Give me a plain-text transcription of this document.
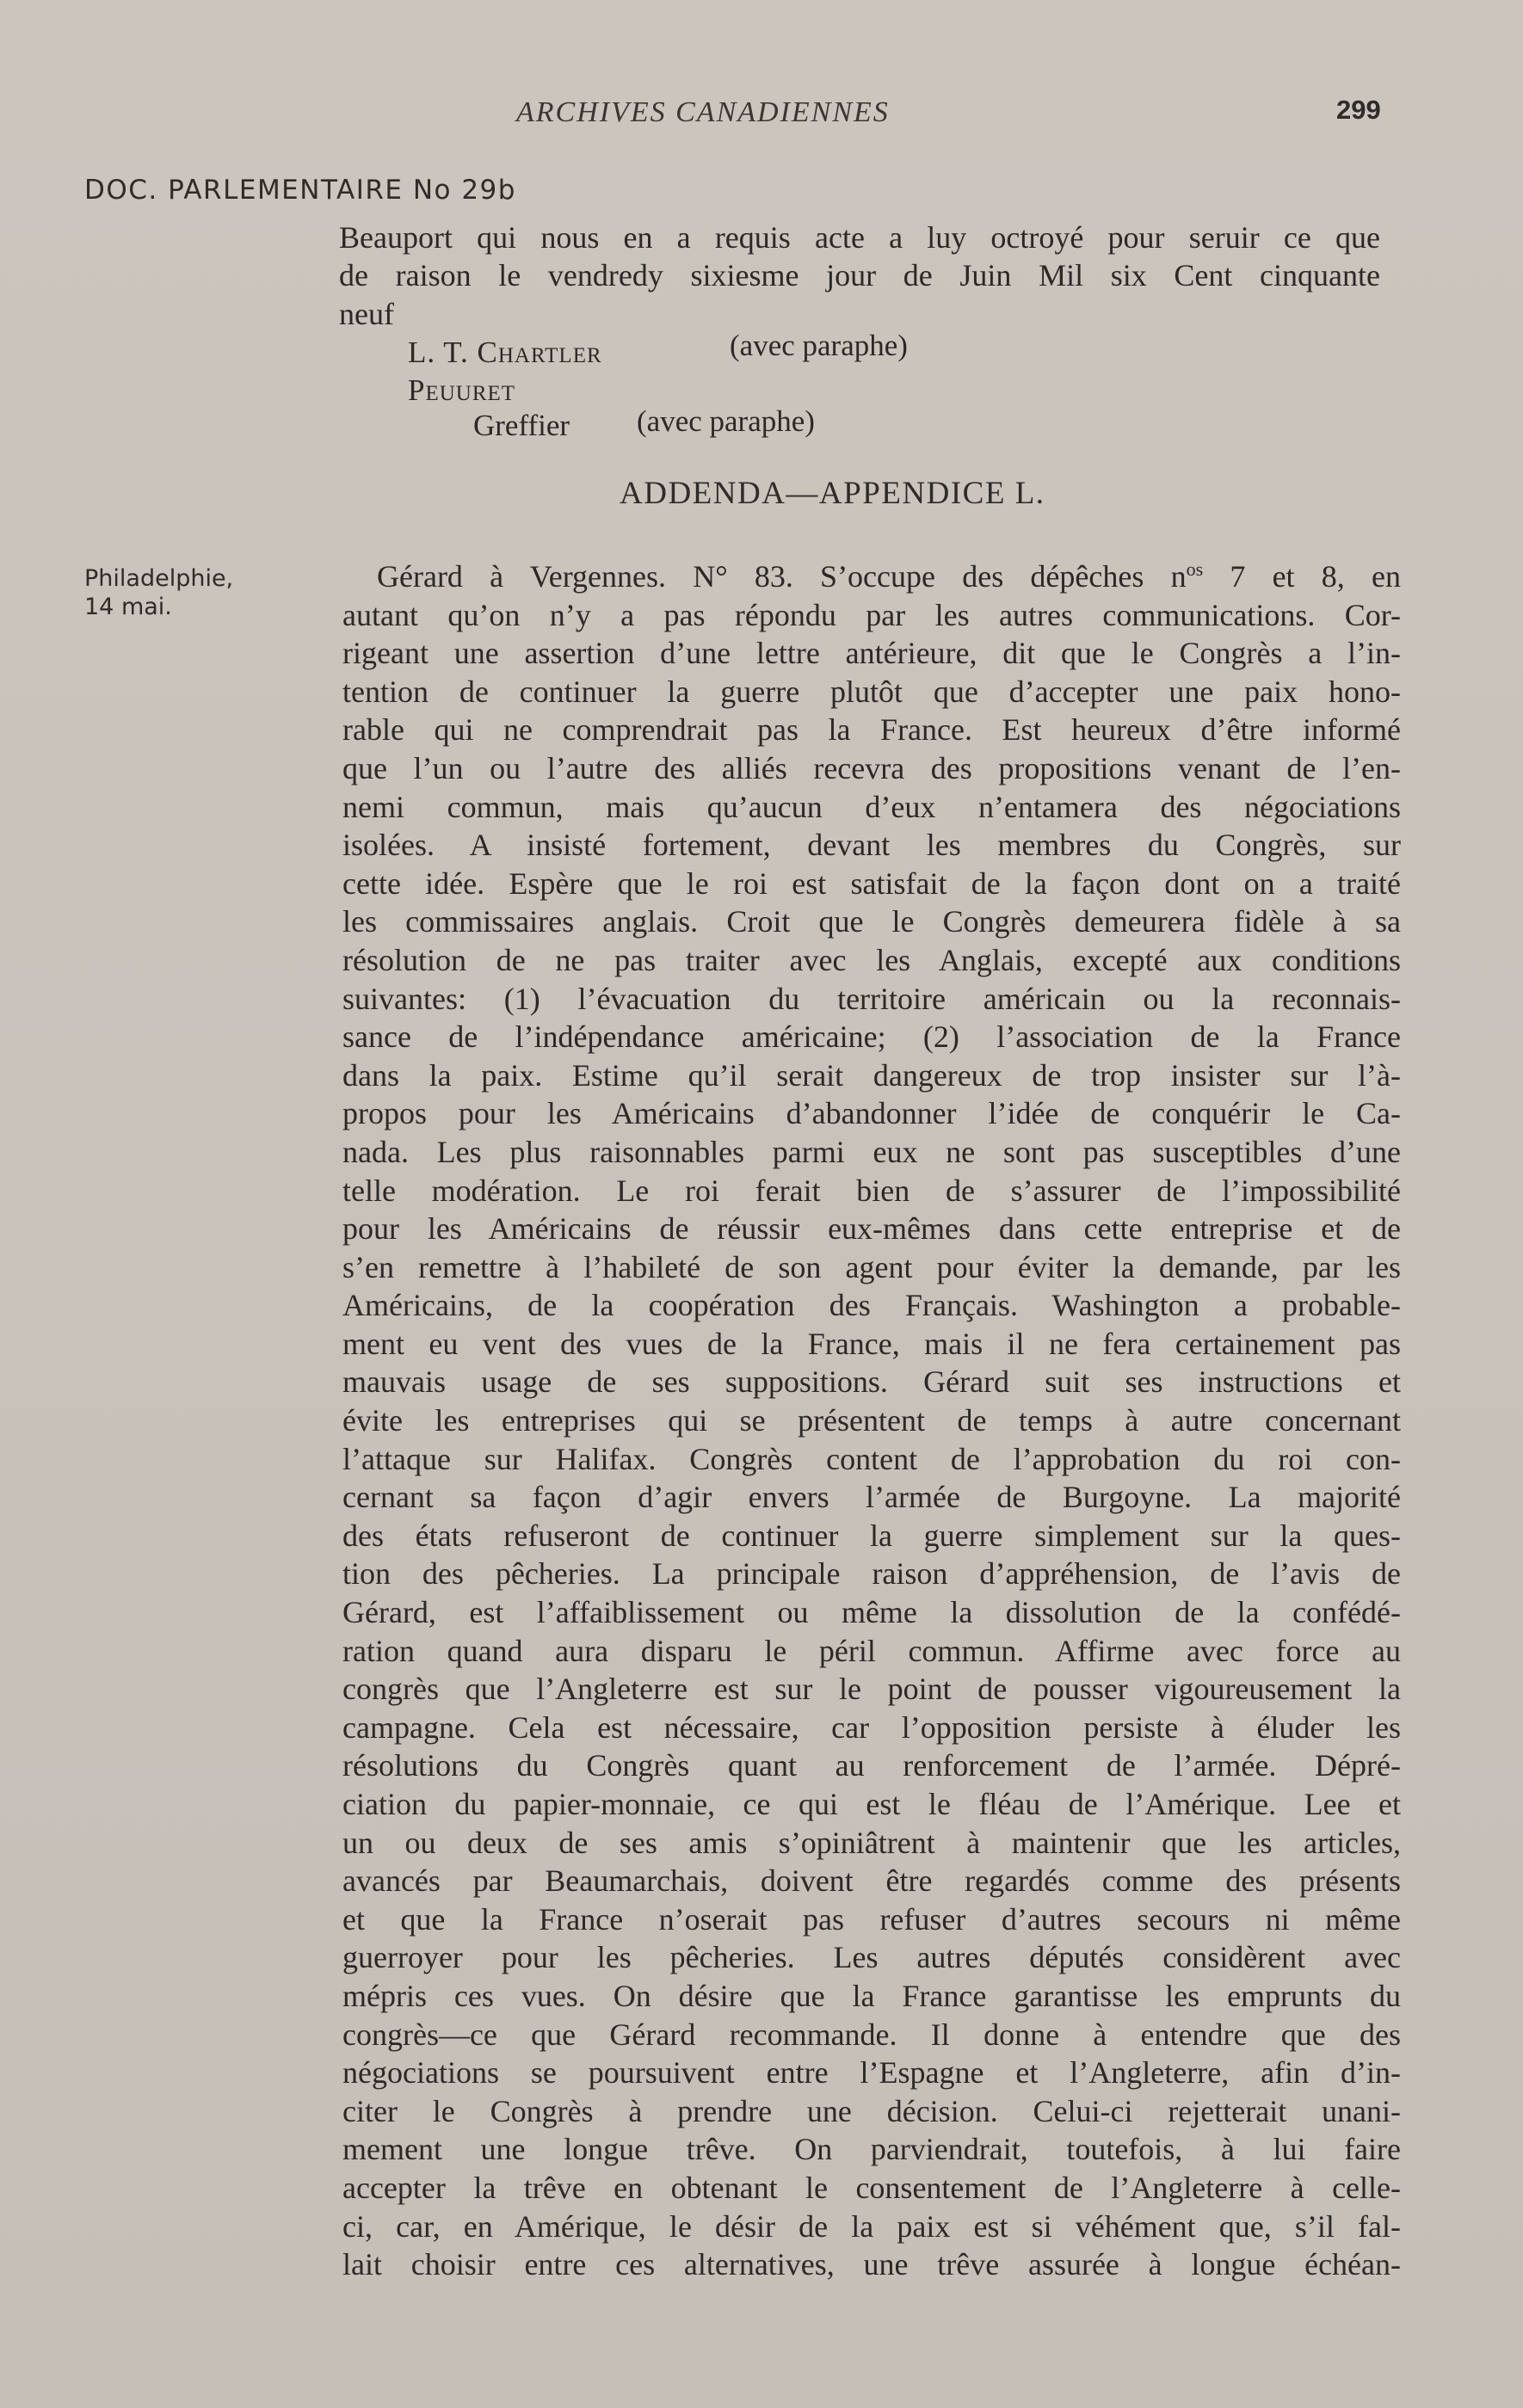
ARCHIVES CANADIENNES	299
DOC. PARLEMENTAIRE No 29b
Beauport qui nous en a requis acte a luy octroyé pour seruir ce que
de raison le vendredy sixiesme jour de Juin Mil six Cent cinquante
neuf
L. T. Chartler	(avec paraphe)
Peuuret
Greffier (avec paraphe)
ADDENDA—APPENDICE L.
Philadelphie,
14 mai.
Gérard à Vergennes. N° 83. S’occupe des dépêches $n^{os}$ 7 et 8, en
autant qu’on n’y a pas répondu par les autres communications. Cor-
rigeant une assertion d’une lettre antérieure, dit que le Congrès a l’in-
tention de continuer la guerre plutôt que d’accepter une paix hono-
rable qui ne comprendrait pas la France. Est heureux d’être informé
que l’un ou l’autre des alliés recevra des propositions venant de l’en-
nemi commun, mais qu’aucun d’eux n’entamera des négociations
isolées. A insisté fortement, devant les membres du Congrès, sur
cette idée. Espère que le roi est satisfait de la façon dont on a traité
les commissaires anglais. Croit que le Congrès demeurera fidèle à sa
résolution de ne pas traiter avec les Anglais, excepté aux conditions
suivantes: (1) l’évacuation du territoire américain ou la reconnais-
sance de l’indépendance américaine; (2) l’association de la France
dans la paix. Estime qu’il serait dangereux de trop insister sur l’à-
propos pour les Américains d’abandonner l’idée de conquérir le Ca-
nada. Les plus raisonnables parmi eux ne sont pas susceptibles d’une
telle modération. Le roi ferait bien de s’assurer de l’impossibilité
pour les Américains de réussir eux-mêmes dans cette entreprise et de
s’en remettre à l’habileté de son agent pour éviter la demande, par les
Américains, de la coopération des Français. Washington a probable-
ment eu vent des vues de la France, mais il ne fera certainement pas
mauvais usage de ses suppositions. Gérard suit ses instructions et
évite les entreprises qui se présentent de temps à autre concernant
l’attaque sur Halifax. Congrès content de l’approbation du roi con-
cernant sa façon d’agir envers l’armée de Burgoyne. La majorité
des états refuseront de continuer la guerre simplement sur la ques-
tion des pêcheries. La principale raison d’appréhension, de l’avis de
Gérard, est l’affaiblissement ou même la dissolution de la confédé-
ration quand aura disparu le péril commun. Affirme avec force au
congrès que l’Angleterre est sur le point de pousser vigoureusement la
campagne. Cela est nécessaire, car l’opposition persiste à éluder les
résolutions du Congrès quant au renforcement de l’armée. Dépré-
ciation du papier-monnaie, ce qui est le fléau de l’Amérique. Lee et
un ou deux de ses amis s’opiniâtrent à maintenir que les articles,
avancés par Beaumarchais, doivent être regardés comme des présents
et que la France n’oserait pas refuser d’autres secours ni même
guerroyer pour les pêcheries. Les autres députés considèrent avec
mépris ces vues. On désire que la France garantisse les emprunts du
congrès—ce que Gérard recommande. Il donne à entendre que des
négociations se poursuivent entre l’Espagne et l’Angleterre, afin d’in-
citer le Congrès à prendre une décision. Celui-ci rejetterait unani-
mement une longue trêve. On parviendrait, toutefois, à lui faire
accepter la trêve en obtenant le consentement de l’Angleterre à celle-
ci, car, en Amérique, le désir de la paix est si véhément que, s’il fal-
lait choisir entre ces alternatives, une trêve assurée à longue échéan-
